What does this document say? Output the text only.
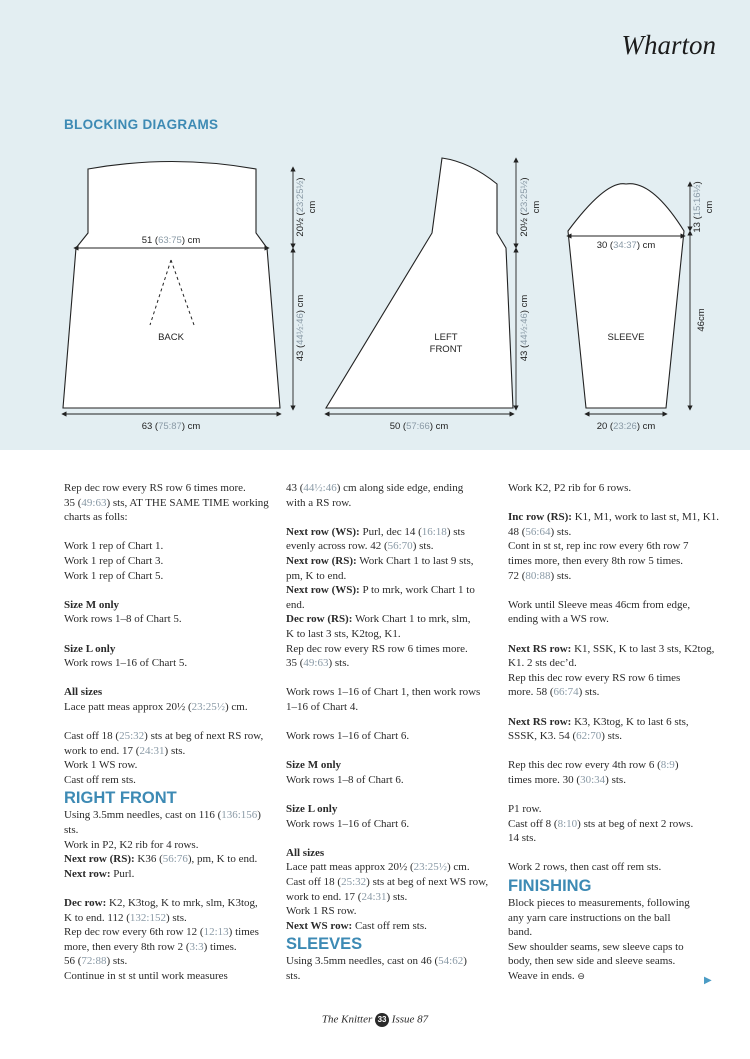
Wharton
BLOCKING DIAGRAMS
51 (63:75) cm
BACK
63 (75:87) cm
20½ (23:25½)
cm
43 (44½:46) cm
LEFT
FRONT
50 (57:66) cm
20½ (23:25½)
cm
43 (44½:46) cm
30 (34:37) cm
SLEEVE
20 (23:26) cm
13 (15:16½)
cm
46cm

Rep dec row every RS row 6 times more.

35 (49:63) sts, AT THE SAME TIME working

charts as folls:

Work 1 rep of Chart 1.

Work 1 rep of Chart 3.

Work 1 rep of Chart 5.

Size M only

Work rows 1–8 of Chart 5.

Size L only

Work rows 1–16 of Chart 5.

All sizes

Lace patt meas approx 20½ (23:25½) cm.

Cast off 18 (25:32) sts at beg of next RS row,

work to end. 17 (24:31) sts.

Work 1 WS row.

Cast off rem sts.

RIGHT FRONT

Using 3.5mm needles, cast on 116 (136:156)

sts.

Work in P2, K2 rib for 4 rows.

Next row (RS): K36 (56:76), pm, K to end.

Next row: Purl.

Dec row: K2, K3tog, K to mrk, slm, K3tog,

K to end. 112 (132:152) sts.

Rep dec row every 6th row 12 (12:13) times

more, then every 8th row 2 (3:3) times.

56 (72:88) sts.

Continue in st st until work measures

43 (44½:46) cm along side edge, ending

with a RS row.

Next row (WS): Purl, dec 14 (16:18) sts

evenly across row. 42 (56:70) sts.

Next row (RS): Work Chart 1 to last 9 sts,

pm, K to end.

Next row (WS): P to mrk, work Chart 1 to

end.

Dec row (RS): Work Chart 1 to mrk, slm,

K to last 3 sts, K2tog, K1.

Rep dec row every RS row 6 times more.

35 (49:63) sts.

Work rows 1–16 of Chart 1, then work rows

1–16 of Chart 4.

Work rows 1–16 of Chart 6.

Size M only

Work rows 1–8 of Chart 6.

Size L only

Work rows 1–16 of Chart 6.

All sizes

Lace patt meas approx 20½ (23:25½) cm.

Cast off 18 (25:32) sts at beg of next WS row,

work to end. 17 (24:31) sts.

Work 1 RS row.

Next WS row: Cast off rem sts.

SLEEVES

Using 3.5mm needles, cast on 46 (54:62)

sts.

Work K2, P2 rib for 6 rows.

Inc row (RS): K1, M1, work to last st, M1, K1.

48 (56:64) sts.

Cont in st st, rep inc row every 6th row 7

times more, then every 8th row 5 times.

72 (80:88) sts.

Work until Sleeve meas 46cm from edge,

ending with a WS row.

Next RS row: K1, SSK, K to last 3 sts, K2tog,

K1. 2 sts dec’d.

Rep this dec row every RS row 6 times

more. 58 (66:74) sts.

Next RS row: K3, K3tog, K to last 6 sts,

SSSK, K3. 54 (62:70) sts.

Rep this dec row every 4th row 6 (8:9)

times more. 30 (30:34) sts.

P1 row.

Cast off 8 (8:10) sts at beg of next 2 rows.

14 sts.

Work 2 rows, then cast off rem sts.

FINISHING

Block pieces to measurements, following

any yarn care instructions on the ball

band.

Sew shoulder seams, sew sleeve caps to

body, then sew side and sleeve seams.

Weave in ends. ⊖	▶
The Knitter 33 Issue 87
